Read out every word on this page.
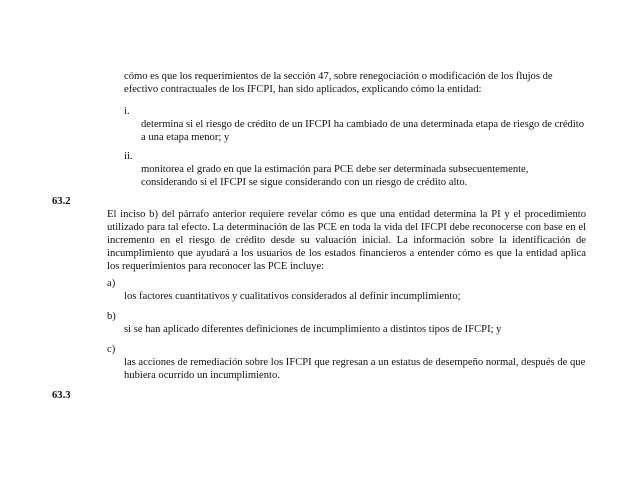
cómo es que los requerimientos de la sección 47, sobre renegociación o modificación de los flujos de efectivo contractuales de los IFCPI, han sido aplicados, explicando cómo la entidad:

i.

determina si el riesgo de crédito de un IFCPI ha cambiado de una determinada etapa de riesgo de crédito a una etapa menor; y

ii.

monitorea el grado en que la estimación para PCE debe ser determinada subsecuentemente, considerando si el IFCPI se sigue considerando con un riesgo de crédito alto.

63.2

El inciso b) del párrafo anterior requiere revelar cómo es que una entidad determina la PI y el procedimiento utilizado para tal efecto. La determinación de las PCE en toda la vida del IFCPI debe reconocerse con base en el incremento en el riesgo de crédito desde su valuación inicial. La información sobre la identificación de incumplimiento que ayudará a los usuarios de los estados financieros a entender cómo es que la entidad aplica los requerimientos para reconocer las PCE incluye:

a)

los factores cuantitativos y cualitativos considerados al definir incumplimiento;

b)

si se han aplicado diferentes definiciones de incumplimiento a distintos tipos de IFCPI; y

c)

las acciones de remediación sobre los IFCPI que regresan a un estatus de desempeño normal, después de que hubiera ocurrido un incumplimiento.

63.3
